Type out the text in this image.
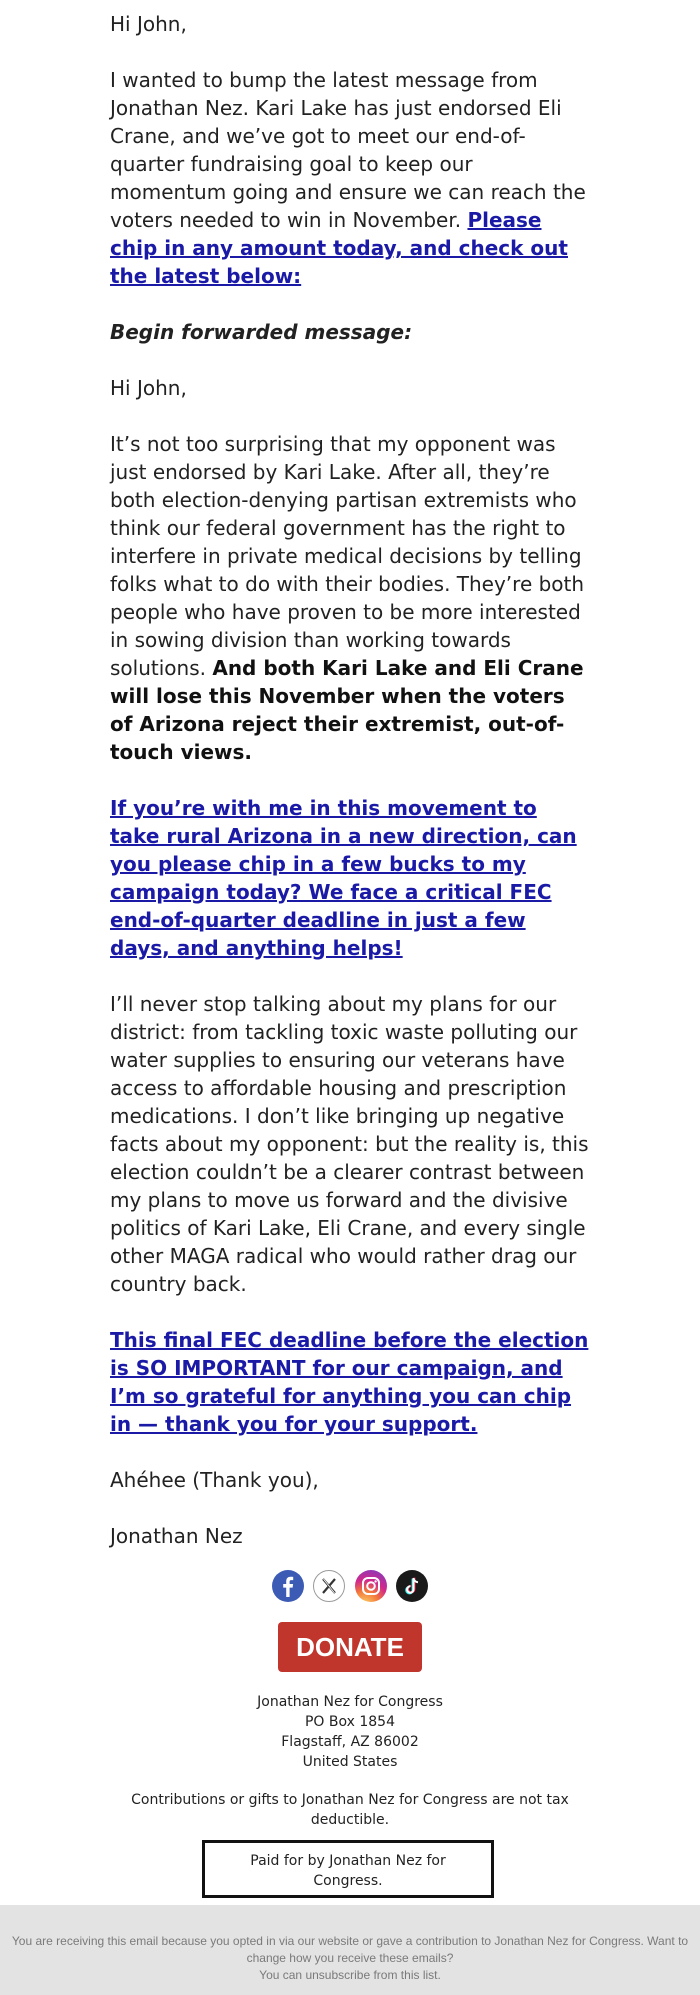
Hi John,

I wanted to bump the latest message from Jonathan Nez. Kari Lake has just endorsed Eli Crane, and we’ve got to meet our end-of-quarter fundraising goal to keep our momentum going and ensure we can reach the voters needed to win in November. Please chip in any amount today, and check out the latest below:

Begin forwarded message:

Hi John,

It’s not too surprising that my opponent was just endorsed by Kari Lake. After all, they’re both election-denying partisan extremists who think our federal government has the right to interfere in private medical decisions by telling folks what to do with their bodies. They’re both people who have proven to be more interested in sowing division than working towards solutions. And both Kari Lake and Eli Crane will lose this November when the voters of Arizona reject their extremist, out-of-touch views.

If you’re with me in this movement to take rural Arizona in a new direction, can you please chip in a few bucks to my campaign today? We face a critical FEC end-of-quarter deadline in just a few days, and anything helps!

I’ll never stop talking about my plans for our district: from tackling toxic waste polluting our water supplies to ensuring our veterans have access to affordable housing and prescription medications. I don’t like bringing up negative facts about my opponent: but the reality is, this election couldn’t be a clearer contrast between my plans to move us forward and the divisive politics of Kari Lake, Eli Crane, and every single other MAGA radical who would rather drag our country back.

This final FEC deadline before the election is SO IMPORTANT for our campaign, and I’m so grateful for anything you can chip in — thank you for your support.

Ahéhee (Thank you),

Jonathan Nez

DONATE
Jonathan Nez for Congress
PO Box 1854
Flagstaff, AZ 86002
United States
Contributions or gifts to Jonathan Nez for Congress are not tax deductible.
Paid for by Jonathan Nez for Congress.
You are receiving this email because you opted in via our website or gave a contribution to Jonathan Nez for Congress. Want to change how you receive these emails? You can unsubscribe from this list.
